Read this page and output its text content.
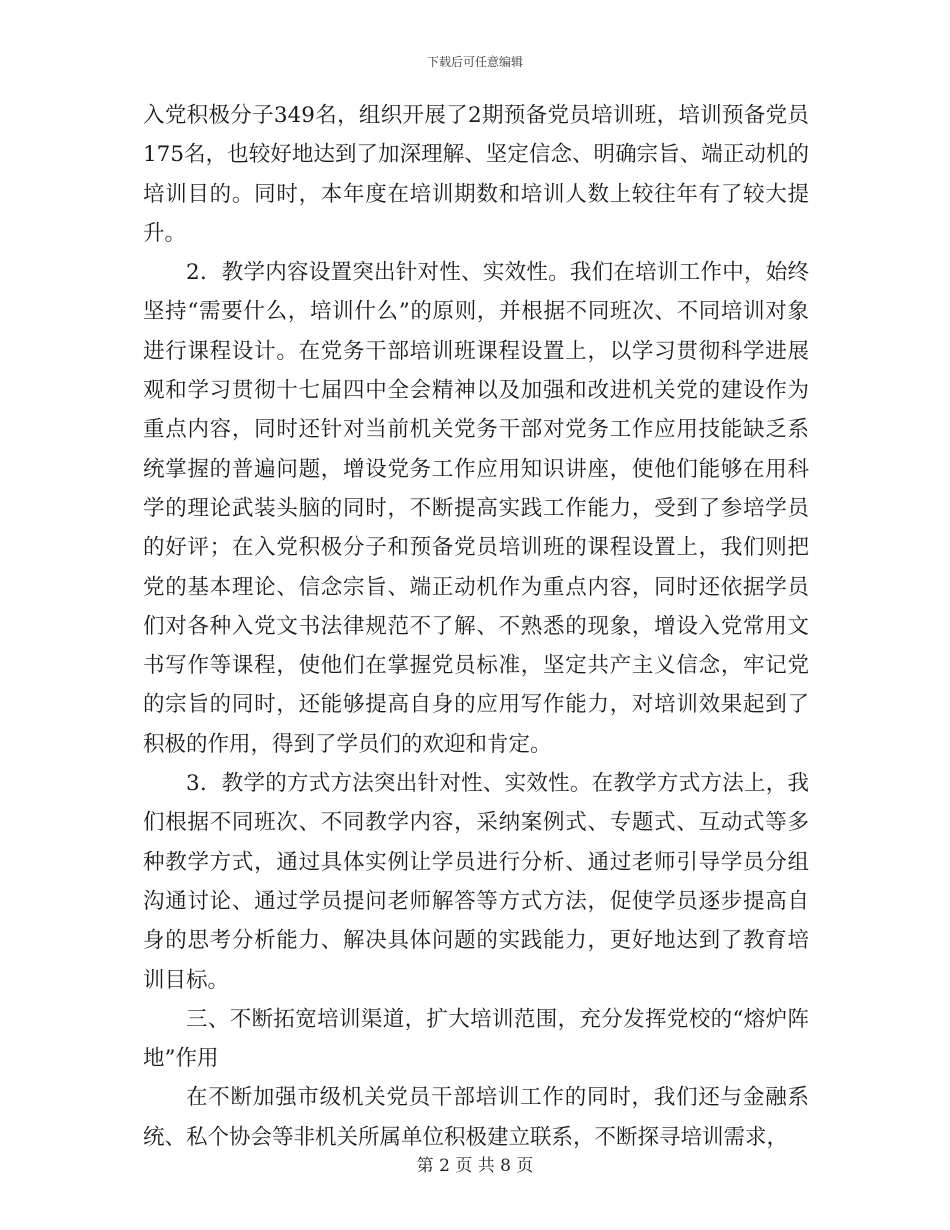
下载后可任意编辑

入党积极分子349名，组织开展了2期预备党员培训班，培训预备党员175名，也较好地达到了加深理解、坚定信念、明确宗旨、端正动机的培训目的。同时，本年度在培训期数和培训人数上较往年有了较大提升。

2．教学内容设置突出针对性、实效性。我们在培训工作中，始终坚持“需要什么，培训什么”的原则，并根据不同班次、不同培训对象进行课程设计。在党务干部培训班课程设置上，以学习贯彻科学进展观和学习贯彻十七届四中全会精神以及加强和改进机关党的建设作为重点内容，同时还针对当前机关党务干部对党务工作应用技能缺乏系统掌握的普遍问题，增设党务工作应用知识讲座，使他们能够在用科学的理论武装头脑的同时，不断提高实践工作能力，受到了参培学员的好评；在入党积极分子和预备党员培训班的课程设置上，我们则把党的基本理论、信念宗旨、端正动机作为重点内容，同时还依据学员们对各种入党文书法律规范不了解、不熟悉的现象，增设入党常用文书写作等课程，使他们在掌握党员标准，坚定共产主义信念，牢记党的宗旨的同时，还能够提高自身的应用写作能力，对培训效果起到了积极的作用，得到了学员们的欢迎和肯定。

3．教学的方式方法突出针对性、实效性。在教学方式方法上，我们根据不同班次、不同教学内容，采纳案例式、专题式、互动式等多种教学方式，通过具体实例让学员进行分析、通过老师引导学员分组沟通讨论、通过学员提问老师解答等方式方法，促使学员逐步提高自身的思考分析能力、解决具体问题的实践能力，更好地达到了教育培训目标。

三、不断拓宽培训渠道，扩大培训范围，充分发挥党校的“熔炉阵地”作用

在不断加强市级机关党员干部培训工作的同时，我们还与金融系统、私个协会等非机关所属单位积极建立联系，不断探寻培训需求，

第 2 页 共 8 页
